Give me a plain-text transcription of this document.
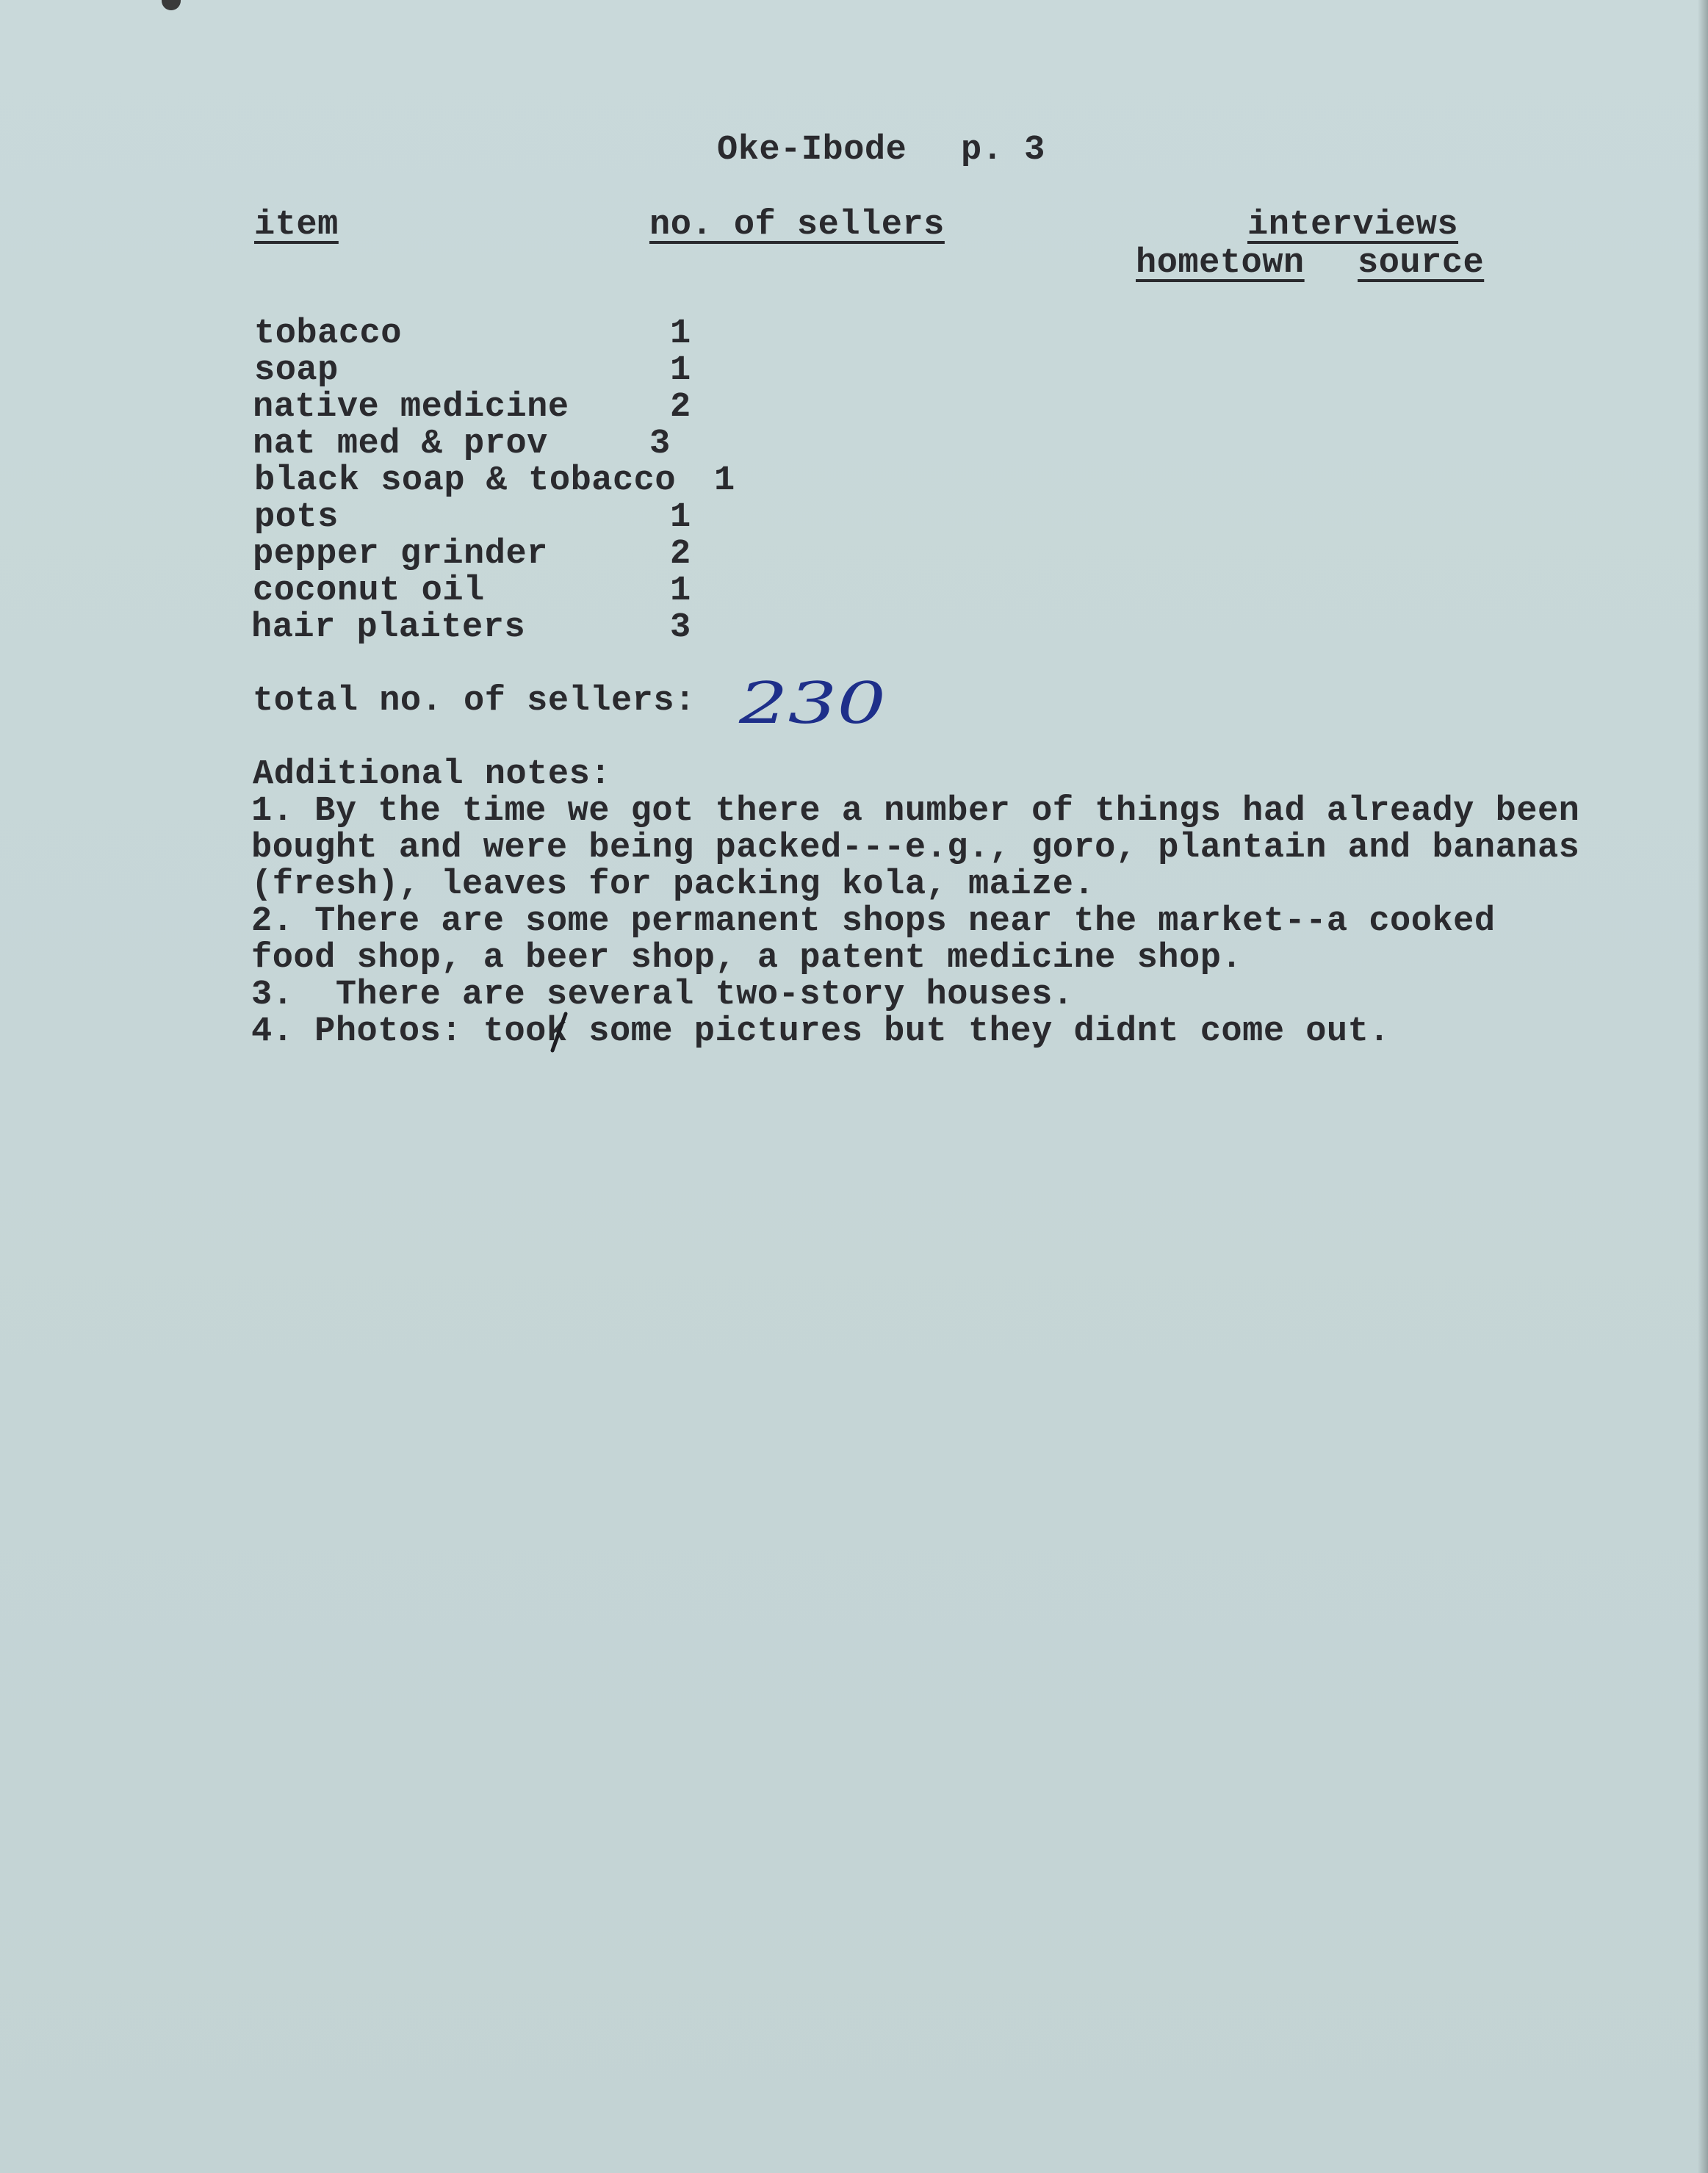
Oke-Ibode p. 3
item	no. of sellers	interviews
hometown source
tobacco	1
soap	1
native medicine	2
nat med & prov	3
black soap & tobacco 1
pots	1
pepper grinder	2
coconut oil	1
hair plaiters	3
total no. of sellers: 230
Additional notes:
1. By the time we got there a number of things had already been
bought and were being packed---e.g., goro, plantain and bananas
(fresh), leaves for packing kola, maize.
2. There are some permanent shops near the market--a cooked
food shop, a beer shop, a patent medicine shop.
3.  There are several two-story houses.
4. Photos: took some pictures but they didnt come out.
